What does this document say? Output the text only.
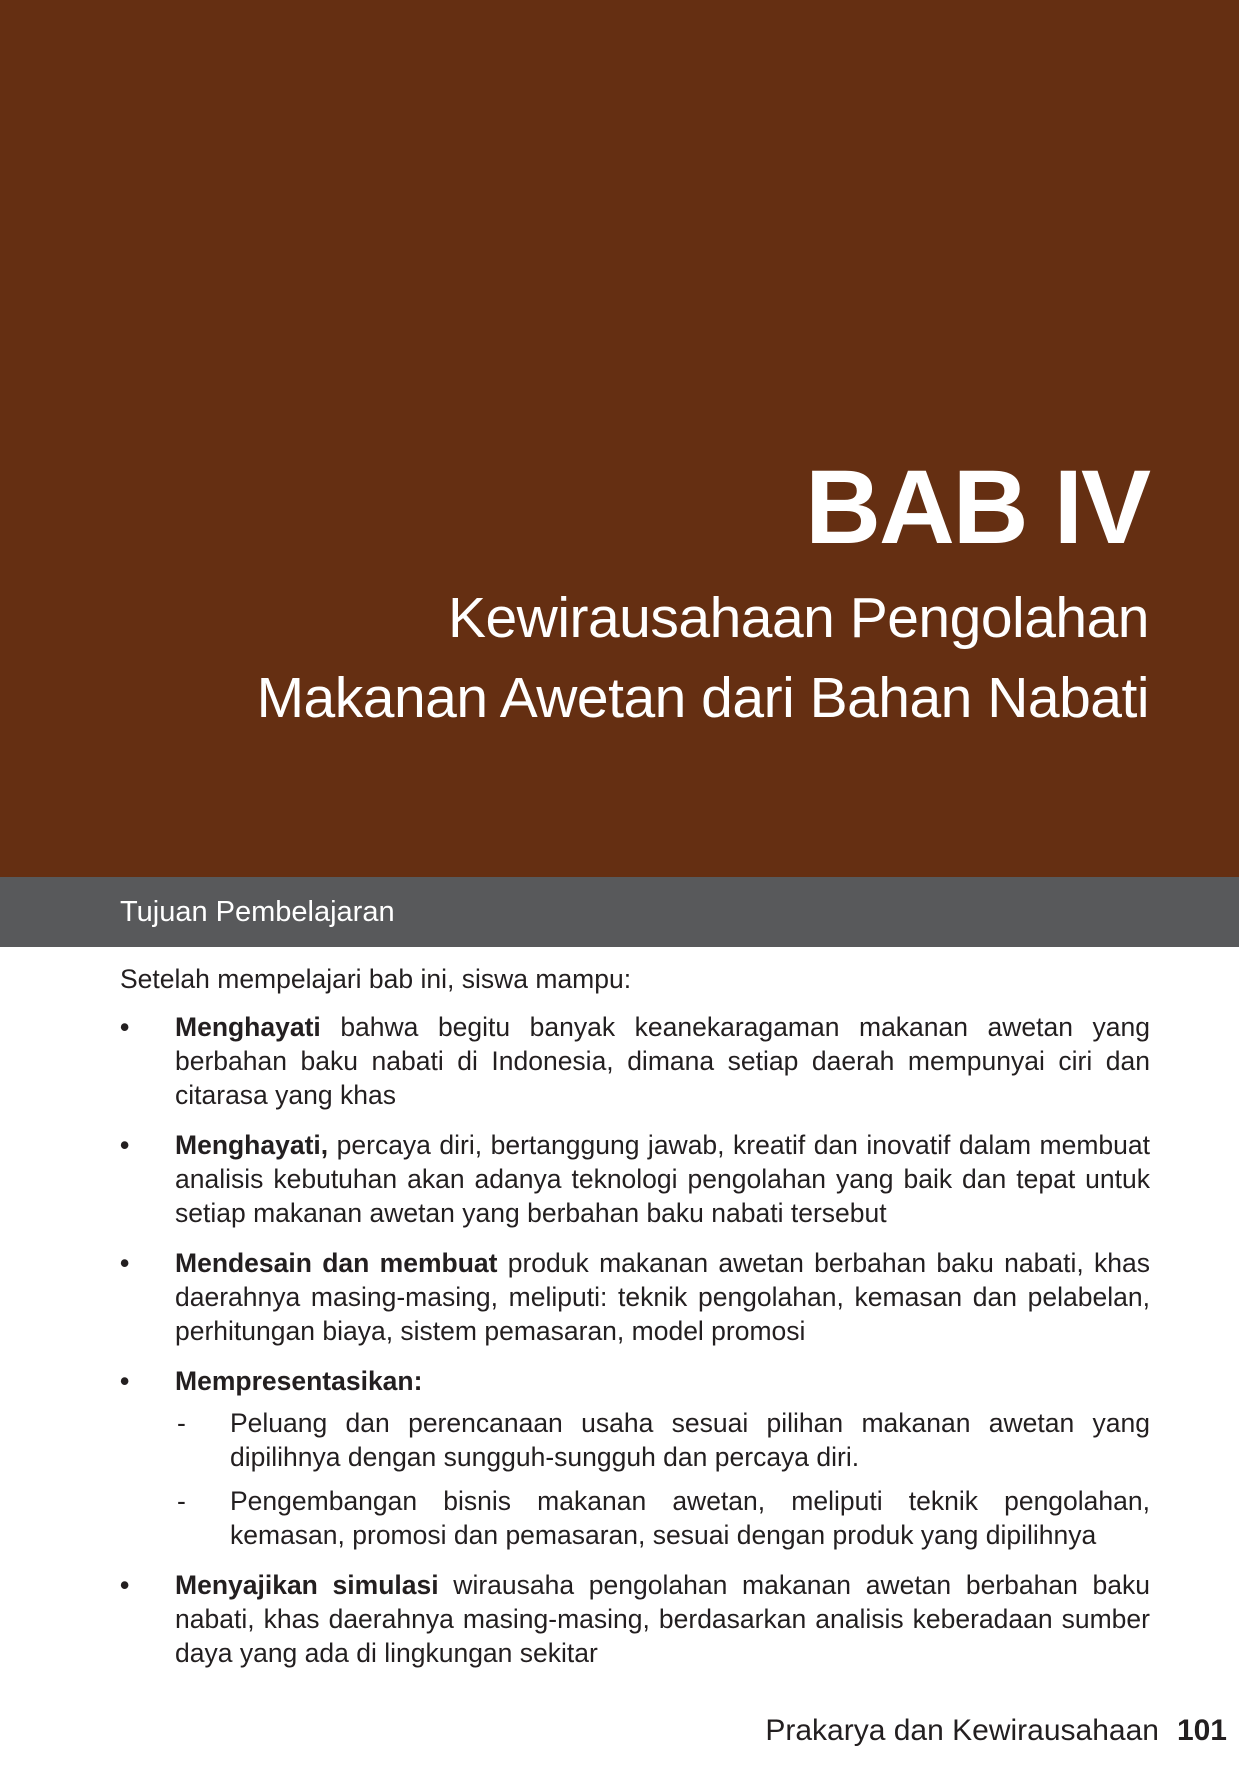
BAB IV
Kewirausahaan Pengolahan
Makanan Awetan dari Bahan Nabati
Tujuan Pembelajaran

Setelah mempelajari bab ini, siswa mampu:

•	Menghayati bahwa begitu banyak keanekaragaman makanan awetan yang berbahan baku nabati di Indonesia, dimana setiap daerah mempunyai ciri dan citarasa yang khas
•	Menghayati, percaya diri, bertanggung jawab, kreatif dan inovatif dalam membuat analisis kebutuhan akan adanya teknologi pengolahan yang baik dan tepat untuk setiap makanan awetan yang berbahan baku nabati tersebut
•	Mendesain dan membuat produk makanan awetan berbahan baku nabati, khas daerahnya masing-masing, meliputi: teknik pengolahan, kemasan dan pelabelan, perhitungan biaya, sistem pemasaran, model promosi
•	Mempresentasikan:
- Peluang dan perencanaan usaha sesuai pilihan makanan awetan yang dipilihnya dengan sungguh-sungguh dan percaya diri.
- Pengembangan bisnis makanan awetan, meliputi teknik pengolahan, kemasan, promosi dan pemasaran, sesuai dengan produk yang dipilihnya
•	Menyajikan simulasi wirausaha pengolahan makanan awetan berbahan baku nabati, khas daerahnya masing-masing, berdasarkan analisis keberadaan sumber daya yang ada di lingkungan sekitar
Prakarya dan Kewirausahaan 101
